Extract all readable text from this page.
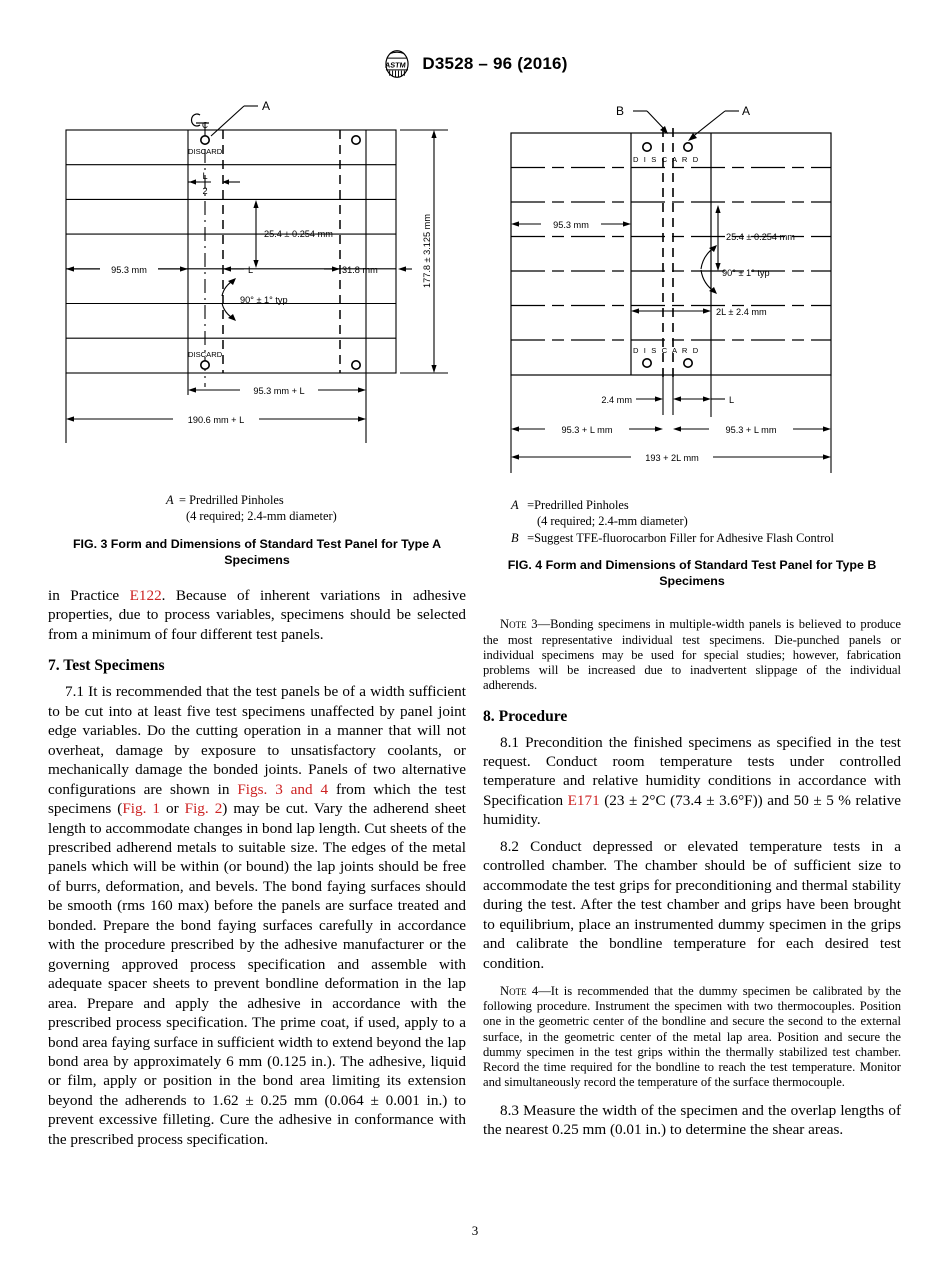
ASTM D3528 – 96 (2016)
A
C
DISCARD
DISCARD
L
2
25.4 ± 0.254 mm
95.3 mm	L	31.8 mm
90° ± 1° typ
177.8 ± 3.125 mm
95.3 mm + L
190.6 mm + L
A = Predrilled Pinholes
(4 required; 2.4-mm diameter)
FIG. 3 Form and Dimensions of Standard Test Panel for Type A
Specimens

in Practice E122. Because of inherent variations in adhesive properties, due to process variables, specimens should be selected from a minimum of four different test panels.

7. Test Specimens

7.1 It is recommended that the test panels be of a width sufficient to be cut into at least five test specimens unaffected by panel joint edge variables. Do the cutting operation in a manner that will not overheat, damage by exposure to unsatisfactory coolants, or mechanically damage the bonded joints. Panels of two alternative configurations are shown in Figs. 3 and 4 from which the test specimens (Fig. 1 or Fig. 2) may be cut. Vary the adherend sheet length to accommodate changes in bond lap length. Cut sheets of the prescribed adherend metals to suitable size. The edges of the metal panels which will be within (or bound) the lap joints should be free of burrs, deformation, and bevels. The bond faying surfaces should be smooth (rms 160 max) before the panels are surface treated and bonded. Prepare the bond faying surfaces carefully in accordance with the procedure prescribed by the adhesive manufacturer or the governing approved process specification and assemble with adequate spacer sheets to prevent bondline deformation in the lap area. Prepare and apply the adhesive in accordance with the prescribed process specification. The prime coat, if used, apply to a bond area faying surface in sufficient width to extend beyond the lap bond area by approximately 6 mm (0.125 in.). The adhesive, liquid or film, apply or position in the bond area limiting its extension beyond the adherends to 1.62 ± 0.25 mm (0.064 ± 0.001 in.) to prevent excessive filleting. Cure the adhesive in conformance with the prescribed process specification.

B	A
D I S C A R D
D I S C A R D
95.3 mm
25.4 ± 0.254 mm
90° ± 1° typ
2L ± 2.4 mm
2.4 mm	L
95.3 + L mm	95.3 + L mm
193 + 2L mm
A =Predrilled Pinholes
(4 required; 2.4-mm diameter)
B =Suggest TFE-fluorocarbon Filler for Adhesive Flash Control
FIG. 4 Form and Dimensions of Standard Test Panel for Type B
Specimens

Note 3—Bonding specimens in multiple-width panels is believed to produce the most representative individual test specimens. Die-punched panels or individual specimens may be used for special studies; however, fabrication problems will be increased due to inadvertent slippage of the individual adherends.

8. Procedure

8.1 Precondition the finished specimens as specified in the test request. Conduct room temperature tests under controlled temperature and relative humidity conditions in accordance with Specification E171 (23 ± 2°C (73.4 ± 3.6°F)) and 50 ± 5 % relative humidity.

8.2 Conduct depressed or elevated temperature tests in a controlled chamber. The chamber should be of sufficient size to accommodate the test grips for preconditioning and thermal stability during the test. After the test chamber and grips have been brought to equilibrium, place an instrumented dummy specimen in the grips and calibrate the bondline temperature for each desired test condition.

Note 4—It is recommended that the dummy specimen be calibrated by the following procedure. Instrument the specimen with two thermocouples. Position one in the geometric center of the bondline and secure the second to the external surface, in the geometric center of the metal lap area. Position and secure the dummy specimen in the test grips within the thermally stabilized test chamber. Record the time required for the bondline to reach the test temperature. Monitor and simultaneously record the temperature of the surface thermocouple.

8.3 Measure the width of the specimen and the overlap lengths of the nearest 0.25 mm (0.01 in.) to determine the shear areas.

3
